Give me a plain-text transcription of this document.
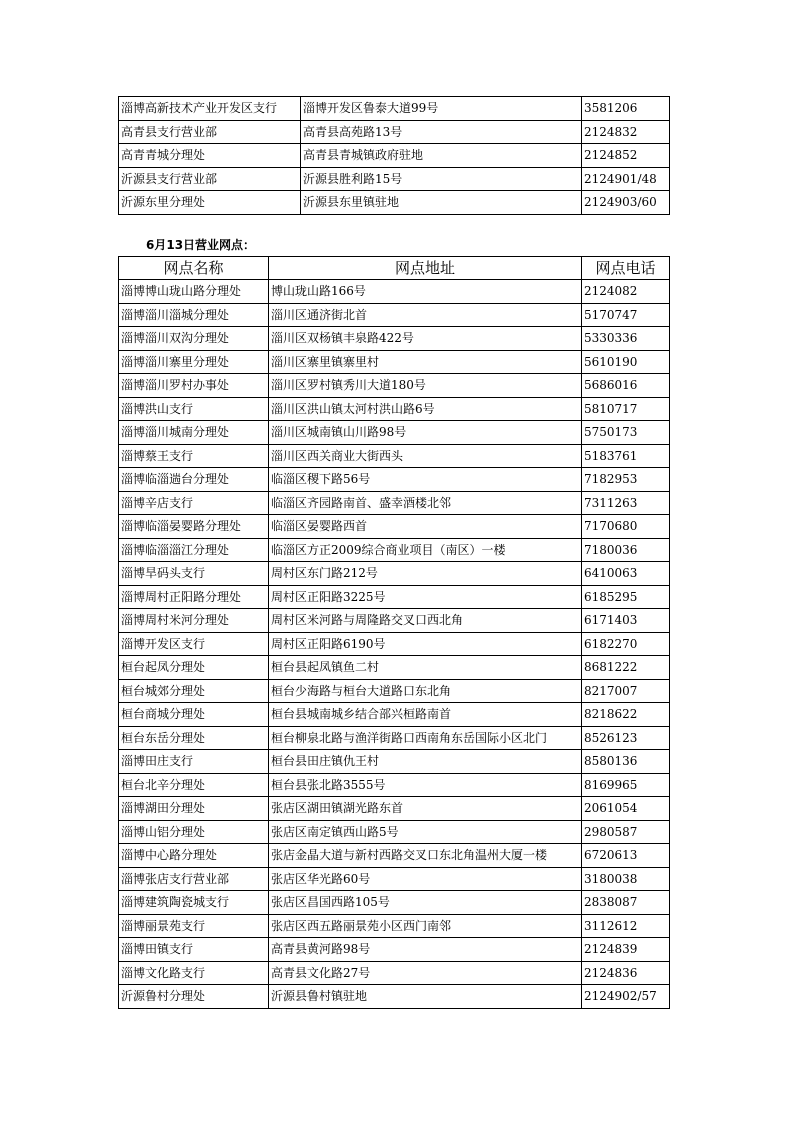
淄博高新技术产业开发区支行	淄博开发区鲁泰大道99号	3581206
高青县支行营业部	高青县高苑路13号	2124832
高青青城分理处	高青县青城镇政府驻地	2124852
沂源县支行营业部	沂源县胜利路15号	2124901/48
沂源东里分理处	沂源县东里镇驻地	2124903/60
6月13日营业网点：
网点名称	网点地址	网点电话
淄博博山珑山路分理处	博山珑山路166号	2124082
淄博淄川淄城分理处	淄川区通济街北首	5170747
淄博淄川双沟分理处	淄川区双杨镇丰泉路422号	5330336
淄博淄川寨里分理处	淄川区寨里镇寨里村	5610190
淄博淄川罗村办事处	淄川区罗村镇秀川大道180号	5686016
淄博洪山支行	淄川区洪山镇太河村洪山路6号	5810717
淄博淄川城南分理处	淄川区城南镇山川路98号	5750173
淄博蔡王支行	淄川区西关商业大街西头	5183761
淄博临淄遄台分理处	临淄区稷下路56号	7182953
淄博辛店支行	临淄区齐园路南首、盛幸酒楼北邻	7311263
淄博临淄晏婴路分理处	临淄区晏婴路西首	7170680
淄博临淄淄江分理处	临淄区方正2009综合商业项目（南区）一楼	7180036
淄博旱码头支行	周村区东门路212号	6410063
淄博周村正阳路分理处	周村区正阳路3225号	6185295
淄博周村米河分理处	周村区米河路与周隆路交叉口西北角	6171403
淄博开发区支行	周村区正阳路6190号	6182270
桓台起凤分理处	桓台县起凤镇鱼二村	8681222
桓台城郊分理处	桓台少海路与桓台大道路口东北角	8217007
桓台商城分理处	桓台县城南城乡结合部兴桓路南首	8218622
桓台东岳分理处	桓台柳泉北路与渔洋街路口西南角东岳国际小区北门	8526123
淄博田庄支行	桓台县田庄镇仇王村	8580136
桓台北辛分理处	桓台县张北路3555号	8169965
淄博湖田分理处	张店区湖田镇湖光路东首	2061054
淄博山铝分理处	张店区南定镇西山路5号	2980587
淄博中心路分理处	张店金晶大道与新村西路交叉口东北角温州大厦一楼	6720613
淄博张店支行营业部	张店区华光路60号	3180038
淄博建筑陶瓷城支行	张店区昌国西路105号	2838087
淄博丽景苑支行	张店区西五路丽景苑小区西门南邻	3112612
淄博田镇支行	高青县黄河路98号	2124839
淄博文化路支行	高青县文化路27号	2124836
沂源鲁村分理处	沂源县鲁村镇驻地	2124902/57
